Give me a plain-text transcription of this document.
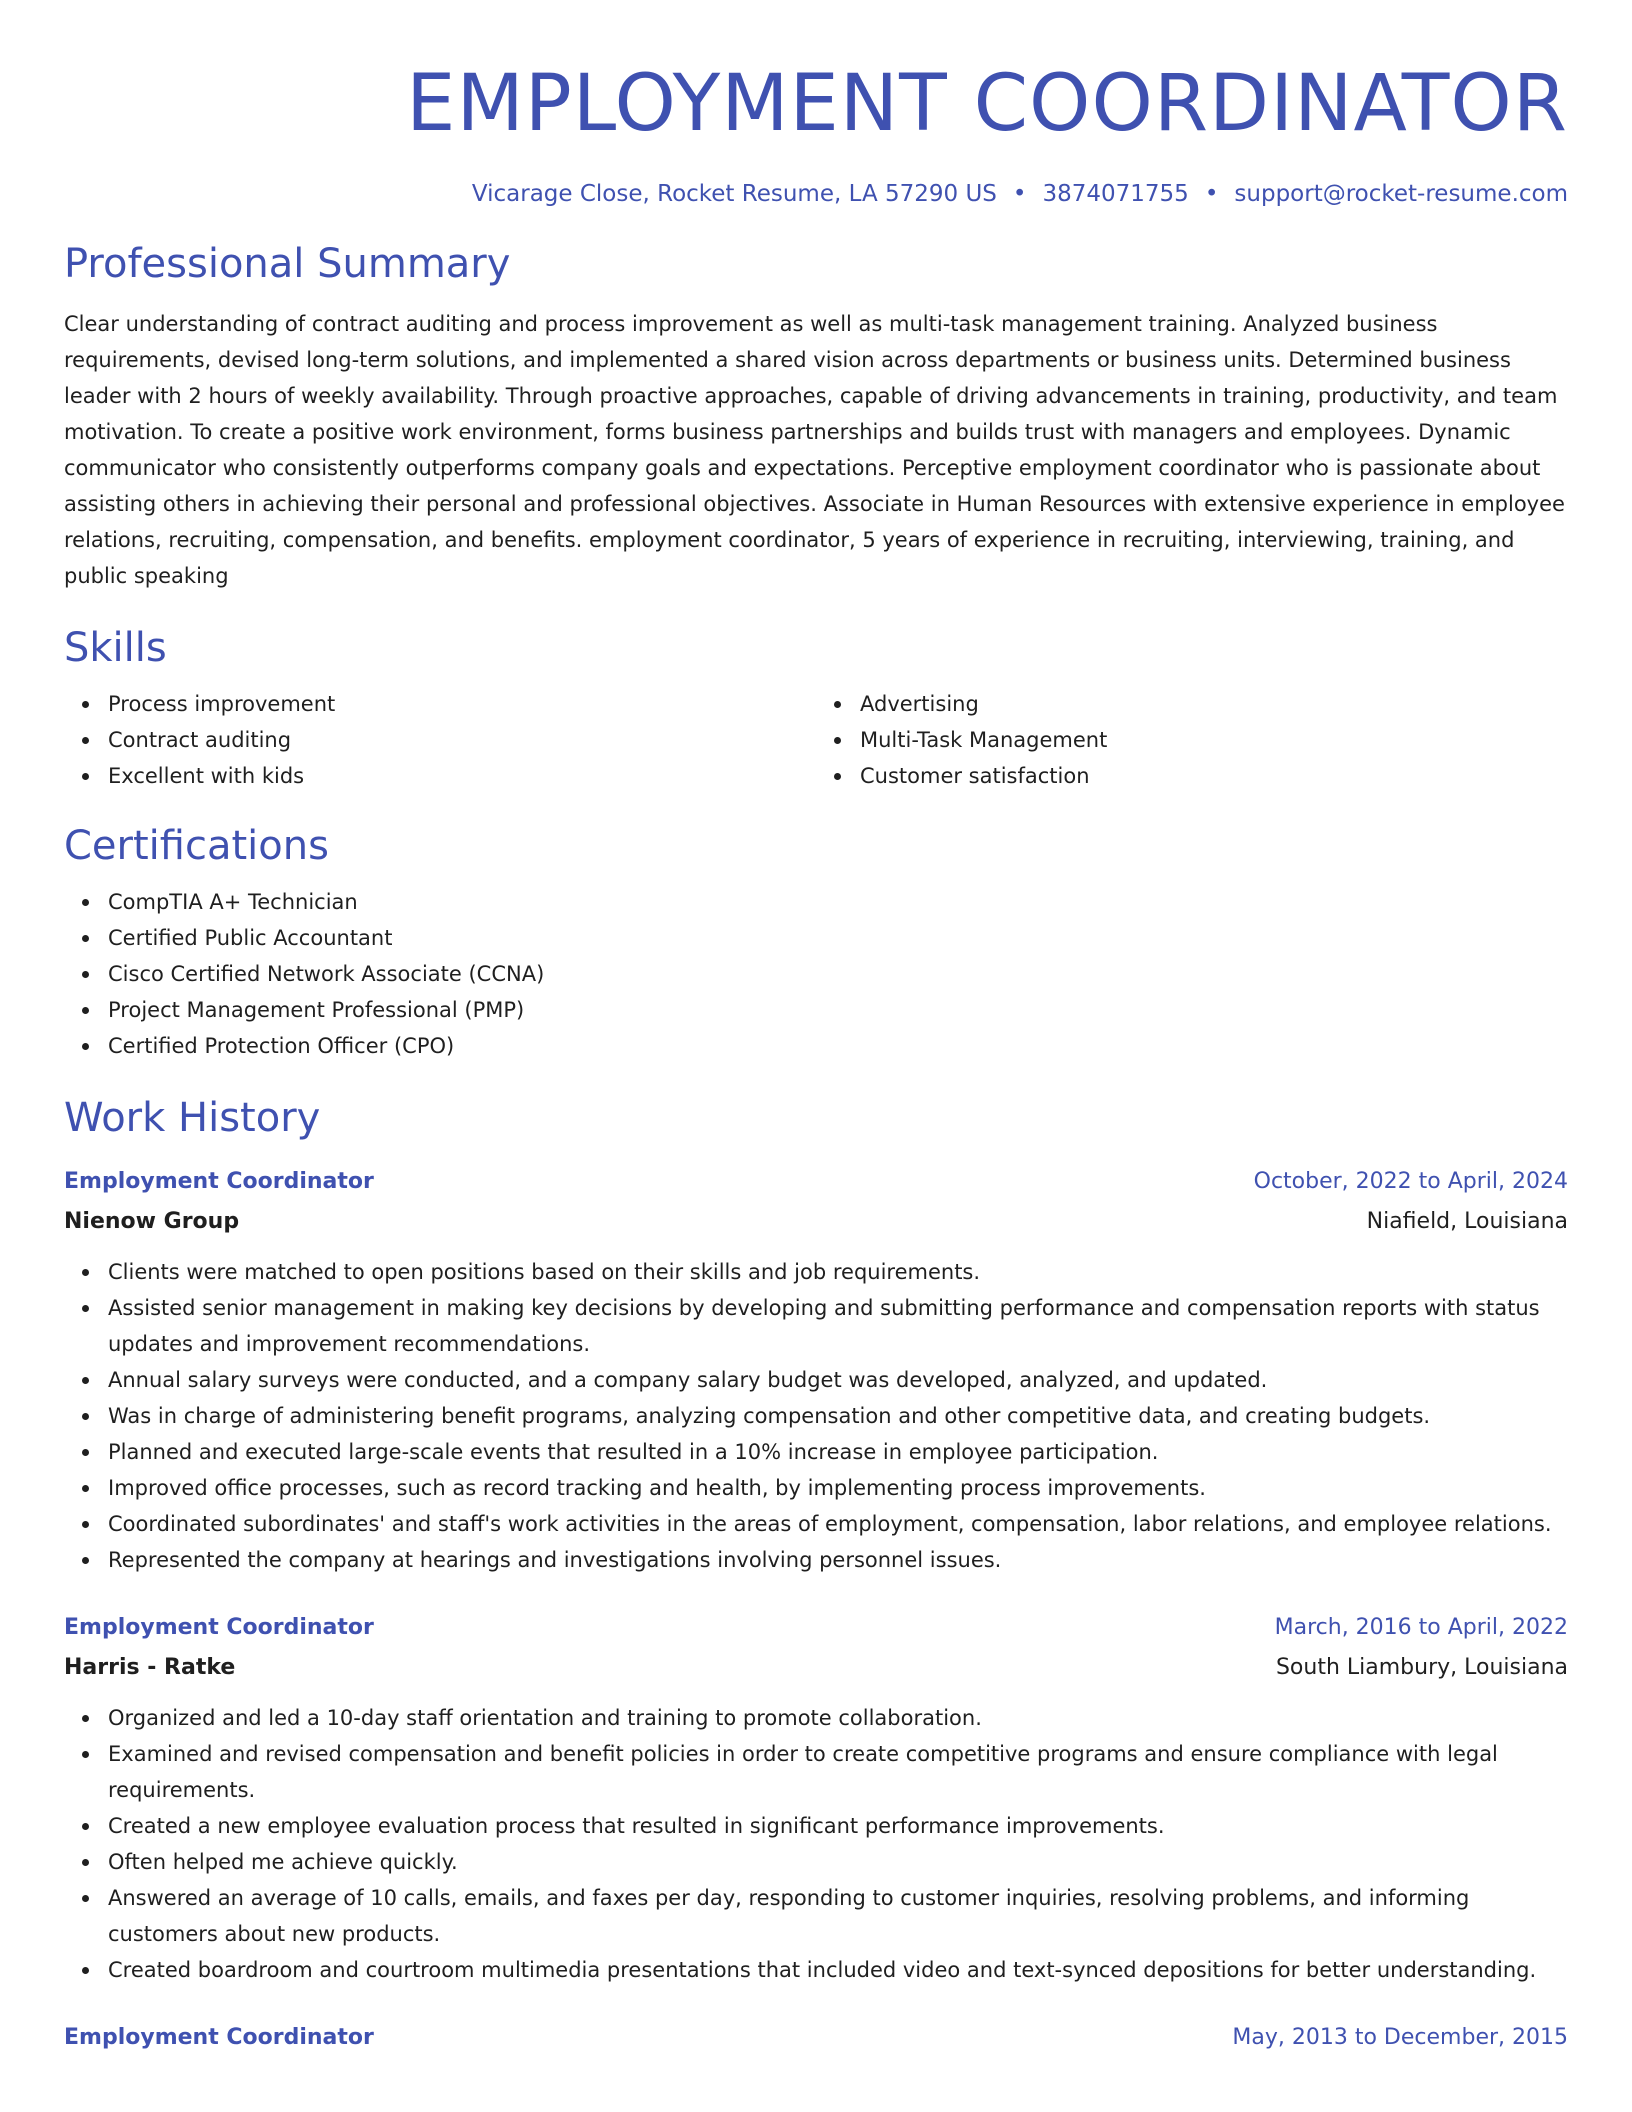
EMPLOYMENT COORDINATOR
Vicarage Close, Rocket Resume, LA 57290 US • 3874071755 • support@rocket-resume.com
Professional Summary

Clear understanding of contract auditing and process improvement as well as multi-task management training. Analyzed business requirements, devised long-term solutions, and implemented a shared vision across departments or business units. Determined business leader with 2 hours of weekly availability. Through proactive approaches, capable of driving advancements in training, productivity, and team motivation. To create a positive work environment, forms business partnerships and builds trust with managers and employees. Dynamic communicator who consistently outperforms company goals and expectations. Perceptive employment coordinator who is passionate about assisting others in achieving their personal and professional objectives. Associate in Human Resources with extensive experience in employee relations, recruiting, compensation, and benefits. employment coordinator, 5 years of experience in recruiting, interviewing, training, and public speaking

Skills
Process improvement
Contract auditing
Excellent with kids
Advertising
Multi-Task Management
Customer satisfaction
Certifications
CompTIA A+ Technician
Certified Public Accountant
Cisco Certified Network Associate (CCNA)
Project Management Professional (PMP)
Certified Protection Officer (CPO)
Work History
Employment Coordinator	October, 2022 to April, 2024
Nienow Group	Niafield, Louisiana
Clients were matched to open positions based on their skills and job requirements.
Assisted senior management in making key decisions by developing and submitting performance and compensation reports with status updates and improvement recommendations.
Annual salary surveys were conducted, and a company salary budget was developed, analyzed, and updated.
Was in charge of administering benefit programs, analyzing compensation and other competitive data, and creating budgets.
Planned and executed large-scale events that resulted in a 10% increase in employee participation.
Improved office processes, such as record tracking and health, by implementing process improvements.
Coordinated subordinates' and staff's work activities in the areas of employment, compensation, labor relations, and employee relations.
Represented the company at hearings and investigations involving personnel issues.
Employment Coordinator	March, 2016 to April, 2022
Harris - Ratke	South Liambury, Louisiana
Organized and led a 10-day staff orientation and training to promote collaboration.
Examined and revised compensation and benefit policies in order to create competitive programs and ensure compliance with legal requirements.
Created a new employee evaluation process that resulted in significant performance improvements.
Often helped me achieve quickly.
Answered an average of 10 calls, emails, and faxes per day, responding to customer inquiries, resolving problems, and informing customers about new products.
Created boardroom and courtroom multimedia presentations that included video and text-synced depositions for better understanding.
Employment Coordinator	May, 2013 to December, 2015
